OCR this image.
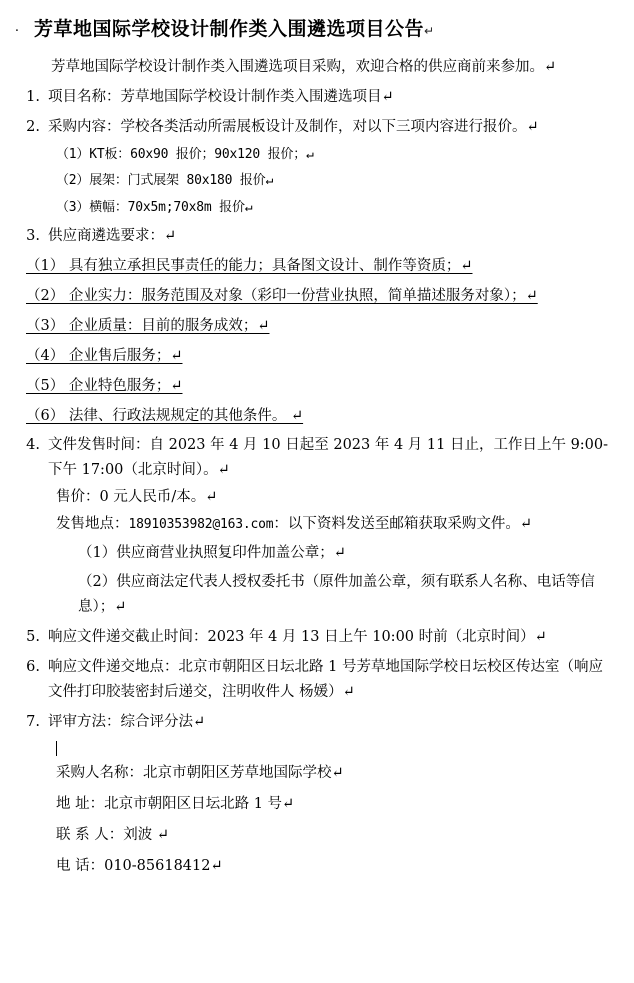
· 芳草地国际学校设计制作类入围遴选项目公告 ↵
芳草地国际学校设计制作类入围遴选项目采购，欢迎合格的供应商前来参加。↵
1. 项目名称：芳草地国际学校设计制作类入围遴选项目↵
2. 采购内容：学校各类活动所需展板设计及制作，对以下三项内容进行报价。↵
（1）KT板：60x90 报价；90x120 报价；↵
（2）展架：门式展架 80x180 报价↵
（3）横幅：70x5m;70x8m 报价↵
3. 供应商遴选要求：↵
（1） 具有独立承担民事责任的能力；具备图文设计、制作等资质；↵
（2） 企业实力：服务范围及对象（彩印一份营业执照，简单描述服务对象）；↵
（3） 企业质量：目前的服务成效；↵
（4） 企业售后服务；↵
（5） 企业特色服务；↵
（6） 法律、行政法规规定的其他条件。 ↵
4. 文件发售时间：自 2023 年 4 月 10 日起至 2023 年 4 月 11 日止，工作日上午 9:00-下午 17:00（北京时间）。↵
售价：0 元人民币/本。↵
发售地点：18910353982@163.com：以下资料发送至邮箱获取采购文件。↵
（1）供应商营业执照复印件加盖公章；↵
（2）供应商法定代表人授权委托书（原件加盖公章，须有联系人名称、电话等信息）；↵
5. 响应文件递交截止时间：2023 年 4 月 13 日上午 10:00 时前（北京时间）↵
6. 响应文件递交地点：北京市朝阳区日坛北路 1 号芳草地国际学校日坛校区传达室（响应文件打印胶装密封后递交，注明收件人 杨媛）↵
7. 评审方法：综合评分法↵
采购人名称：北京市朝阳区芳草地国际学校↵
地 址：北京市朝阳区日坛北路 1 号↵
联 系 人：刘波 ↵
电 话：010-85618412↵
